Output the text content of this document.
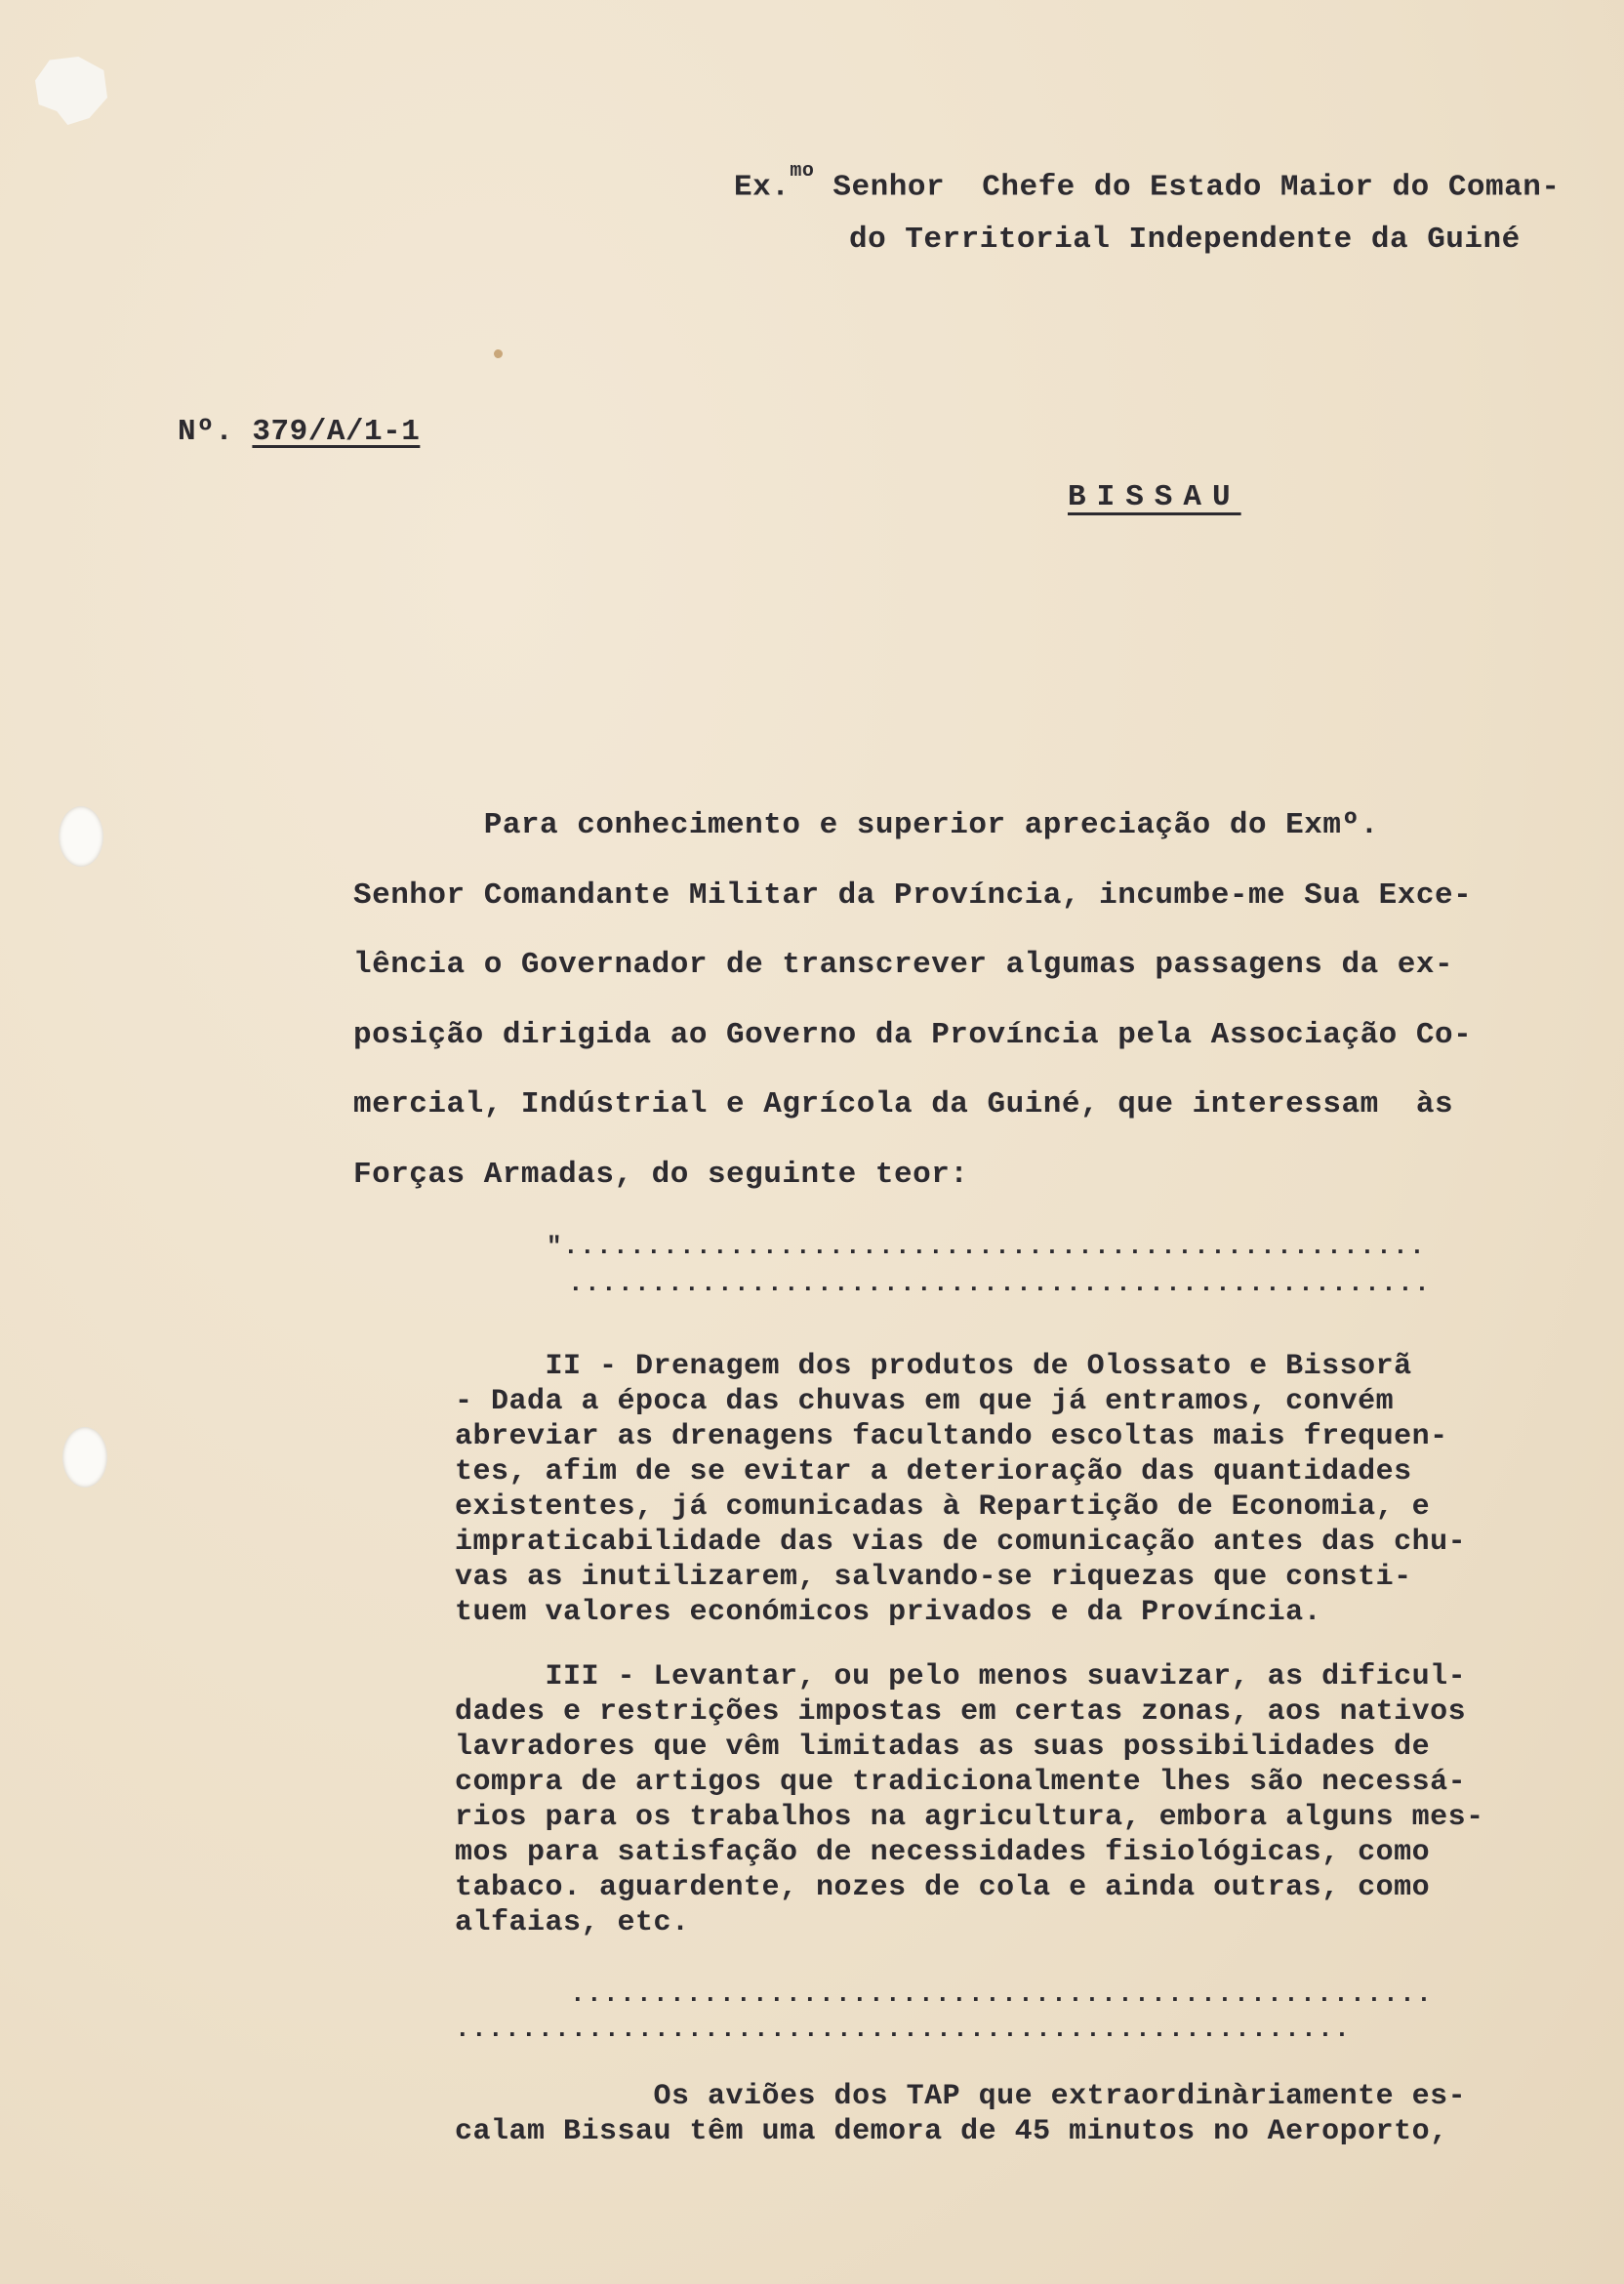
Ex.$^{mo}$ Senhor  Chefe do Estado Maior do Coman-
do Territorial Independente da Guiné
Nº. 379/A/1-1
BISSAU
Para conhecimento e superior apreciação do Exmº.
Senhor Comandante Militar da Província, incumbe-me Sua Exce-
lência o Governador de transcrever algumas passagens da ex-
posição dirigida ao Governo da Província pela Associação Co-
mercial, Indústrial e Agrícola da Guiné, que interessam  às
Forças Armadas, do seguinte teor:
"....................................................
....................................................
II - Drenagem dos produtos de Olossato e Bissorã
- Dada a época das chuvas em que já entramos, convém
abreviar as drenagens facultando escoltas mais frequen-
tes, afim de se evitar a deterioração das quantidades
existentes, já comunicadas à Repartição de Economia, e
impraticabilidade das vias de comunicação antes das chu-
vas as inutilizarem, salvando-se riquezas que consti-
tuem valores económicos privados e da Província.
III - Levantar, ou pelo menos suavizar, as dificul-
dades e restrições impostas em certas zonas, aos nativos
lavradores que vêm limitadas as suas possibilidades de
compra de artigos que tradicionalmente lhes são necessá-
rios para os trabalhos na agricultura, embora alguns mes-
mos para satisfação de necessidades fisiológicas, como
tabaco. aguardente, nozes de cola e ainda outras, como
alfaias, etc.
....................................................
......................................................
Os aviões dos TAP que extraordinàriamente es-
calam Bissau têm uma demora de 45 minutos no Aeroporto,
